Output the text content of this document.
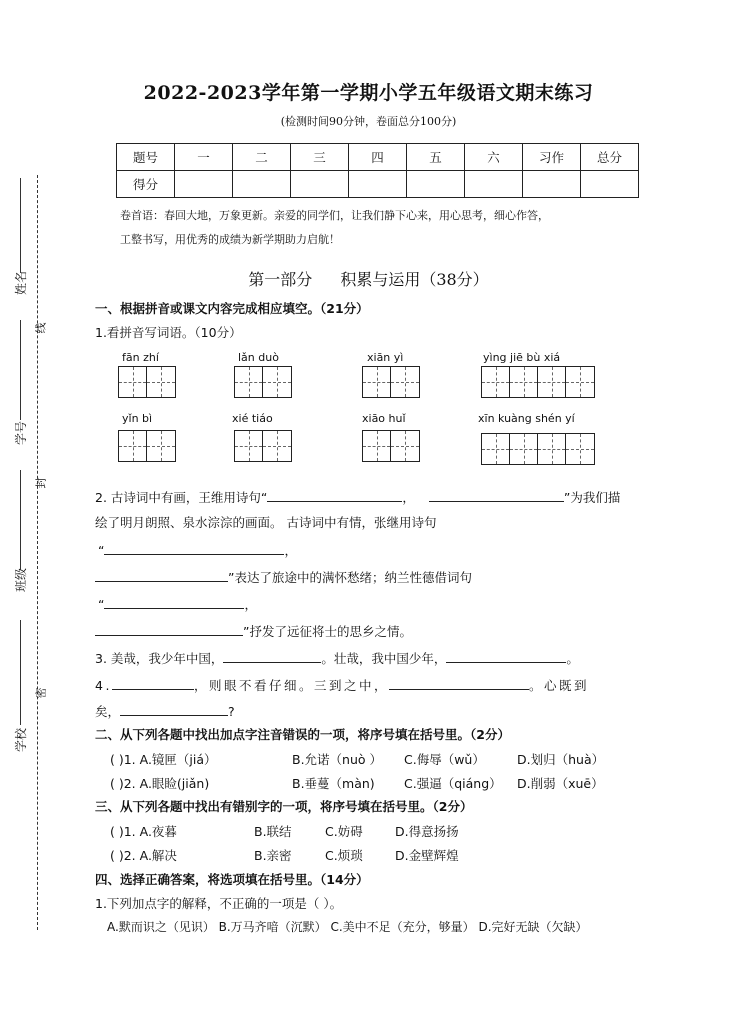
姓名
学号
班级
学校
线
封
密
2022-2023学年第一学期小学五年级语文期末练习
(检测时间90分钟，卷面总分100分)
题号	一	二	三	四	五	六	习作	总分
得分								
卷首语：春回大地，万象更新。亲爱的同学们，让我们静下心来，用心思考，细心作答，
工整书写，用优秀的成绩为新学期助力启航！
第一部分 积累与运用（38分）
一、根据拼音或课文内容完成相应填空。（21分）
1.看拼音写词语。（10分）
fān zhí	lǎn duò	xiān yì	yìng jiē bù xiá
yǐn bì	xié tiáo	xiāo huǐ	xīn kuàng shén yí
2. 古诗词中有画，王维用诗句“	，	”为我们描
绘了明月朗照、泉水淙淙的画面。 古诗词中有情，张继用诗句
“	，
”表达了旅途中的满怀愁绪；纳兰性德借词句
“	，
”抒发了远征将士的思乡之情。
3. 美哉，我少年中国，	。壮哉，我中国少年，	。
4.	，则眼不看仔细。三到之中，	。心既到
矣，	?
二、从下列各题中找出加点字注音错误的一项，将序号填在括号里。（2分）
( )1. A.镜匣（jiá）	B.允诺（nuò ） C.侮辱（wǔ）	D.划归（huà）
( )2. A.眼睑(jiǎn)	B.垂蔓（màn) C.强逼（qiáng） D.削弱（xuē）
三、从下列各题中找出有错别字的一项，将序号填在括号里。（2分）
( )1. A.夜暮	B.联结	C.妨碍	D.得意扬扬
( )2. A.解决	B.亲密	C.烦琐	D.金壁辉煌
四、选择正确答案，将选项填在括号里。（14分）
1.下列加点字的解释，不正确的一项是（ ）。
A.默而识之（见识） B.万马齐喑（沉默） C.美中不足（充分，够量） D.完好无缺（欠缺）
